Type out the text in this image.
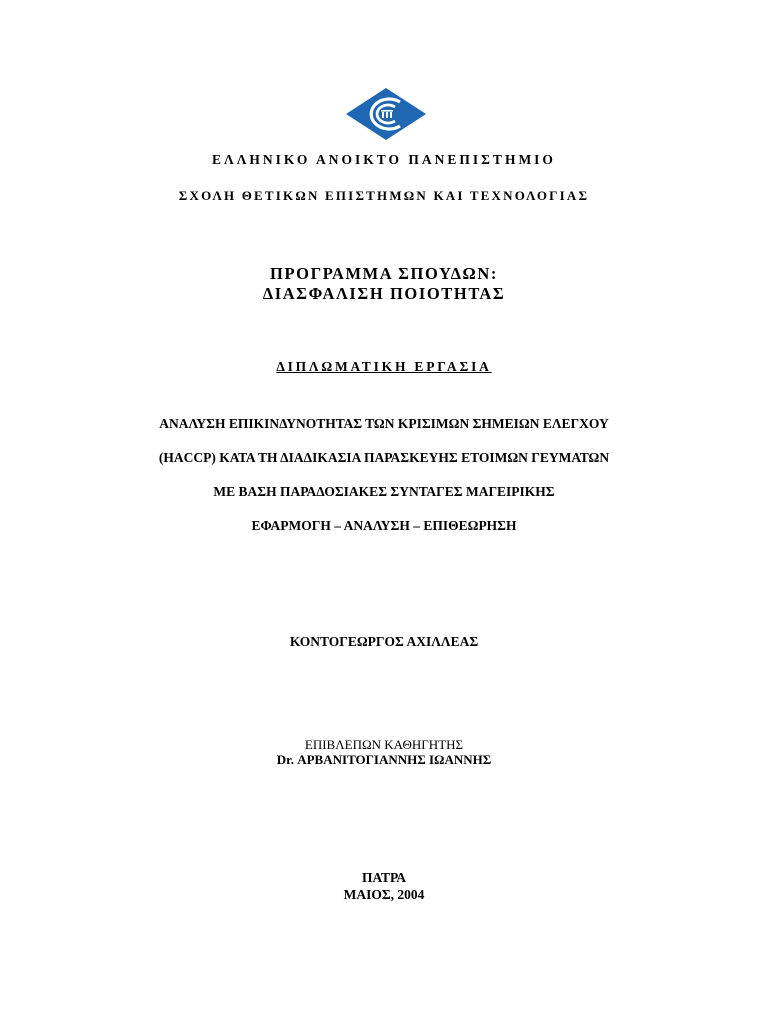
ΕΛΛΗΝΙΚΟ ΑΝΟΙΚΤΟ ΠΑΝΕΠΙΣΤΗΜΙΟ

ΣΧΟΛΗ ΘΕΤΙΚΩΝ ΕΠΙΣΤΗΜΩΝ ΚΑΙ ΤΕΧΝΟΛΟΓΙΑΣ

ΠΡΟΓΡΑΜΜΑ ΣΠΟΥΔΩΝ:
ΔΙΑΣΦΑΛΙΣΗ ΠΟΙΟΤΗΤΑΣ

ΔΙΠΛΩΜΑΤΙΚΗ ΕΡΓΑΣΙΑ

ΑΝΑΛΥΣΗ ΕΠΙΚΙΝΔΥΝΟΤΗΤΑΣ ΤΩΝ ΚΡΙΣΙΜΩΝ ΣΗΜΕΙΩΝ ΕΛΕΓΧΟΥ

(HACCP) ΚΑΤΑ ΤΗ ΔΙΑΔΙΚΑΣΙΑ ΠΑΡΑΣΚΕΥΗΣ ΕΤΟΙΜΩΝ ΓΕΥΜΑΤΩΝ

ΜΕ ΒΑΣΗ ΠΑΡΑΔΟΣΙΑΚΕΣ ΣΥΝΤΑΓΕΣ ΜΑΓΕΙΡΙΚΗΣ

ΕΦΑΡΜΟΓΗ – ΑΝΑΛΥΣΗ – ΕΠΙΘΕΩΡΗΣΗ

ΚΟΝΤΟΓΕΩΡΓΟΣ ΑΧΙΛΛΕΑΣ

ΕΠΙΒΛΕΠΩΝ ΚΑΘΗΓΗΤΗΣ

Dr. ΑΡΒΑΝΙΤΟΓΙΑΝΝΗΣ ΙΩΑΝΝΗΣ

ΠΑΤΡΑ

ΜΑΙΟΣ, 2004
